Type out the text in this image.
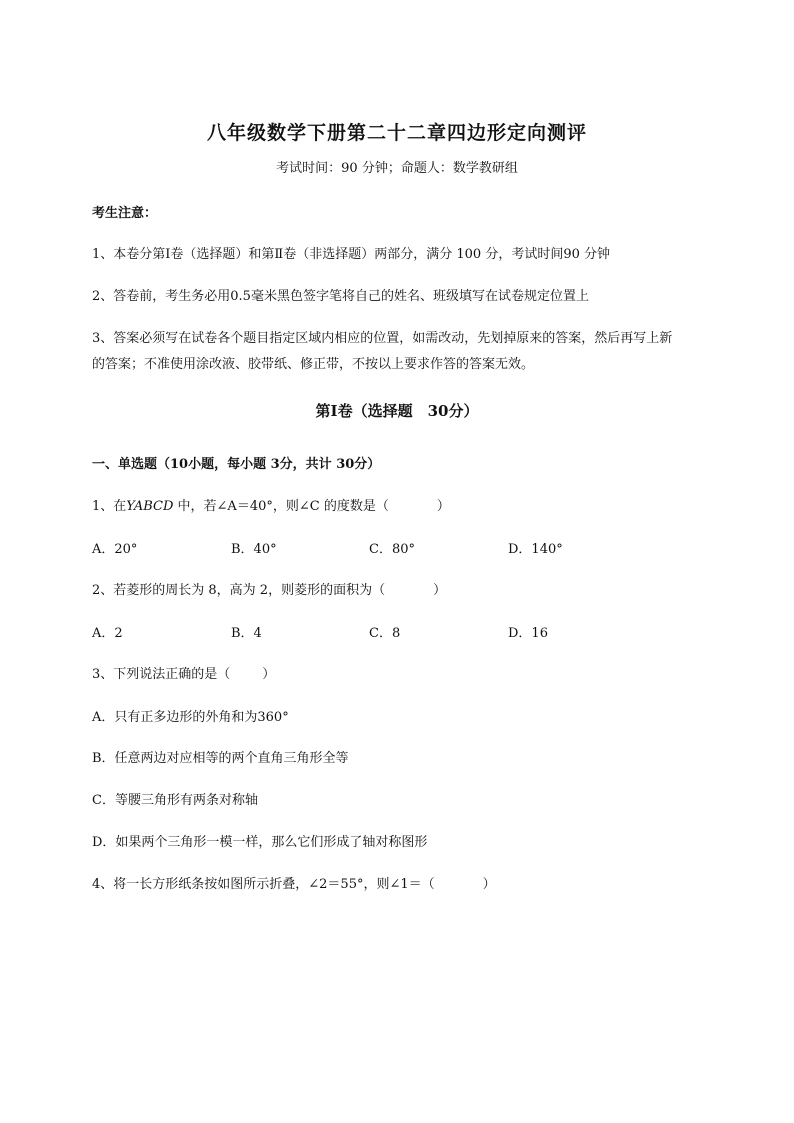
八年级数学下册第二十二章四边形定向测评
考试时间：90 分钟；命题人：数学教研组
考生注意：
1、本卷分第Ⅰ卷（选择题）和第Ⅱ卷（非选择题）两部分，满分 100 分，考试时间90 分钟
2、答卷前，考生务必用0.5毫米黑色签字笔将自己的姓名、班级填写在试卷规定位置上
3、答案必须写在试卷各个题目指定区域内相应的位置，如需改动，先划掉原来的答案，然后再写上新
的答案；不准使用涂改液、胶带纸、修正带，不按以上要求作答的答案无效。
第Ⅰ卷（选择题　30分）
一、单选题（10小题，每小题 3分，共计 30分）
1、在YABCD 中，若∠A＝40°，则∠C 的度数是（	）
A．20°	B．40°	C．80°	D．140°
2、若菱形的周长为 8，高为 2，则菱形的面积为（	）
A．2	B．4	C．8	D．16
3、下列说法正确的是（ ）
A．只有正多边形的外角和为360°
B．任意两边对应相等的两个直角三角形全等
C．等腰三角形有两条对称轴
D．如果两个三角形一模一样，那么它们形成了轴对称图形
4、将一长方形纸条按如图所示折叠，∠2＝55°，则∠1＝（	）
